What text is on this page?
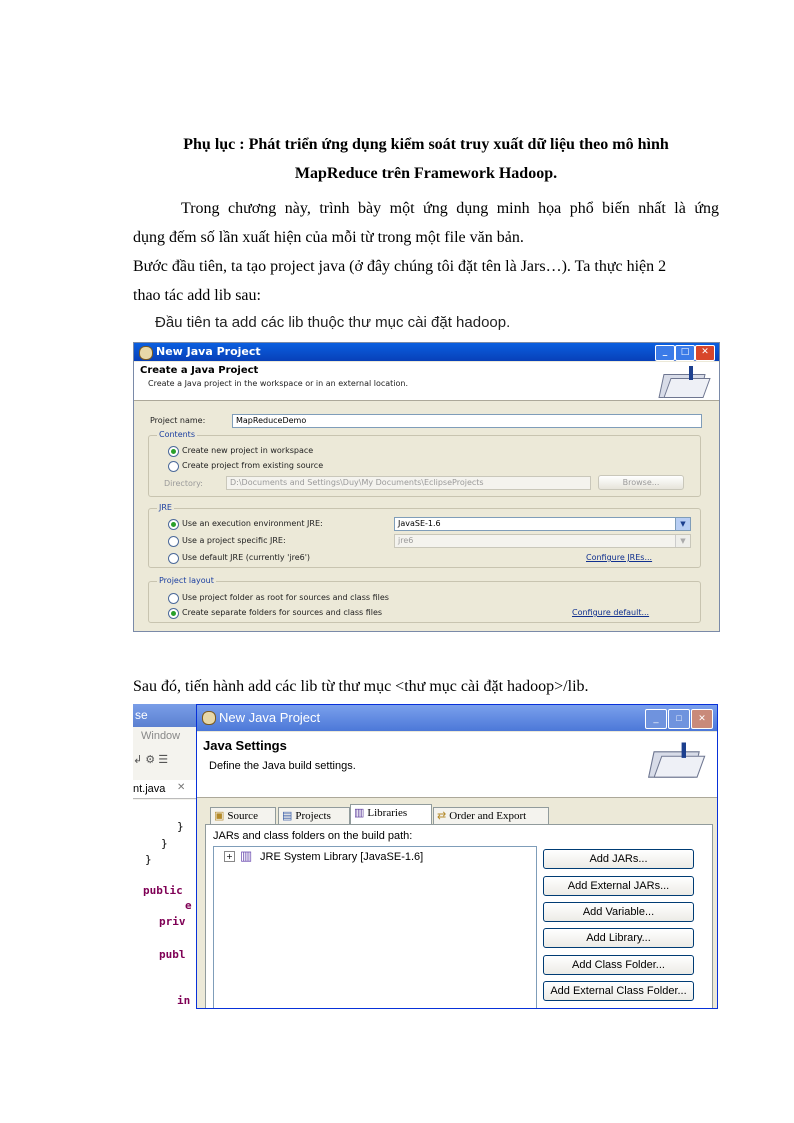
Phụ lục : Phát triển ứng dụng kiểm soát truy xuất dữ liệu theo mô hình
MapReduce trên Framework Hadoop.
Trong chương này, trình bày một ứng dụng minh họa phổ biến nhất là ứng
dụng đếm số lần xuất hiện của mỗi từ trong một file văn bản.
Bước đầu tiên, ta tạo project java (ở đây chúng tôi đặt tên là Jars…). Ta thực hiện 2
thao tác add lib sau:
Đầu tiên ta add các lib thuộc thư mục cài đặt hadoop.
New Java Project	_	□	✕
Create a Java Project
Create a Java project in the workspace or in an external location.
Project name:	MapReduceDemo
Contents
Create new project in workspace
Create project from existing source
Directory:	D:\Documents and Settings\Duy\My Documents\EclipseProjects	Browse...
JRE
Use an execution environment JRE:	JavaSE-1.6	▼
Use a project specific JRE:	jre6	▼
Use default JRE (currently 'jre6')	Configure JREs...
Project layout
Use project folder as root for sources and class files
Create separate folders for sources and class files	Configure default...
Sau đó, tiến hành add các lib từ thư mục <thư mục cài đặt hadoop>/lib.
se
Window
↲ ⚙ ☰
nt.java ✕
}
}
}
public
e
priv
publ
in
New Java Project	_	□	✕
Java Settings
Define the Java build settings.
▣ Source	▤ Projects	▥ Libraries	⇄ Order and Export
JARs and class folders on the build path:
+ ▥ JRE System Library [JavaSE-1.6]	Add JARs...
Add External JARs...
Add Variable...
Add Library...
Add Class Folder...
Add External Class Folder...
